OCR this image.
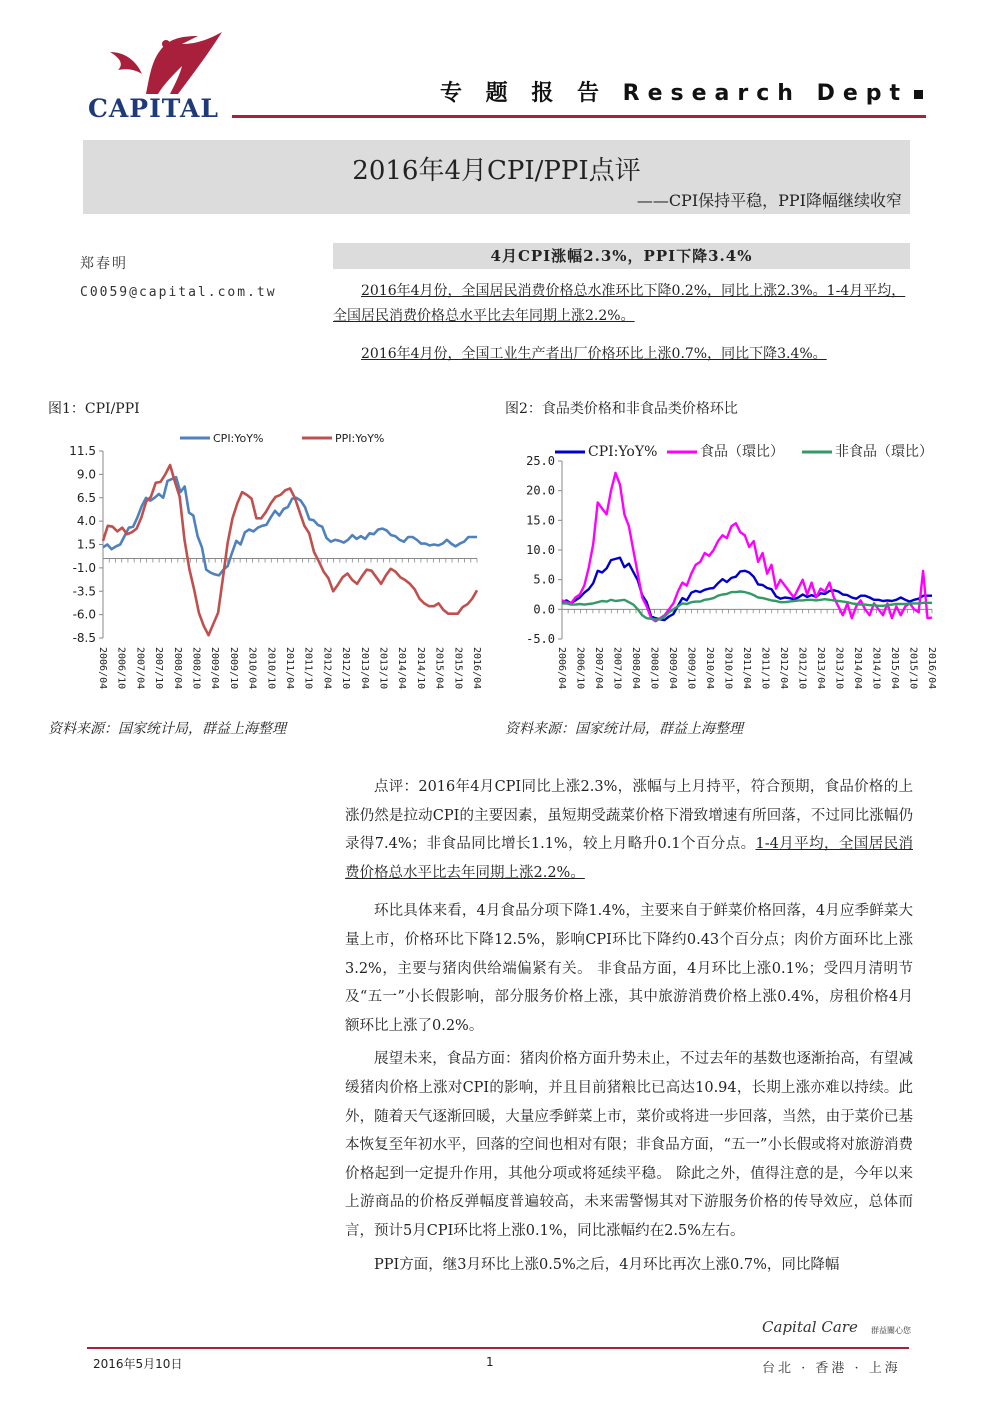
CAPITAL
专 题 报 告 Research Dept
2016年4月CPI/PPI点评
——CPI保持平稳，PPI降幅继续收窄
郑春明
C0059@capital.com.tw
4月CPI涨幅2.3%，PPI下降3.4%
2016年4月份，全国居民消费价格总水准环比下降0.2%，同比上涨2.3%。1-4月平均，全国居民消费价格总水平比去年同期上涨2.2%。
2016年4月份，全国工业生产者出厂价格环比上涨0.7%，同比下降3.4%。
图1：CPI/PPI	图2：食品类价格和非食品类价格环比
11.5
9.0
6.5
4.0
1.5
-1.0
-3.5
-6.0
-8.5
2006/04 2006/10 2007/04 2007/10 2008/04 2008/10 2009/04 2009/10 2010/04 2010/10 2011/04 2011/10 2012/04 2012/10 2013/04 2013/10 2014/04 2014/10 2015/04 2015/10 2016/04
CPI:YoY%	PPI:YoY%
25.0
20.0
15.0
10.0
5.0
0.0
-5.0
2006/04 2006/10 2007/04 2007/10 2008/04 2008/10 2009/04 2009/10 2010/04 2010/10 2011/04 2011/10 2012/04 2012/10 2013/04 2013/10 2014/04 2014/10 2015/04 2015/10 2016/04
CPI:YoY%	食品（環比）	非食品（環比）
资料来源：国家统计局，群益上海整理	资料来源：国家统计局，群益上海整理

点评：2016年4月CPI同比上涨2.3%，涨幅与上月持平，符合预期，食品价格的上涨仍然是拉动CPI的主要因素，虽短期受蔬菜价格下滑致增速有所回落，不过同比涨幅仍录得7.4%；非食品同比增长1.1%，较上月略升0.1个百分点。1-4月平均，全国居民消费价格总水平比去年同期上涨2.2%。

环比具体来看，4月食品分项下降1.4%，主要来自于鲜菜价格回落，4月应季鲜菜大量上市，价格环比下降12.5%，影响CPI环比下降约0.43个百分点；肉价方面环比上涨3.2%，主要与猪肉供给端偏紧有关。 非食品方面，4月环比上涨0.1%；受四月清明节及“五一”小长假影响，部分服务价格上涨，其中旅游消费价格上涨0.4%，房租价格4月额环比上涨了0.2%。

展望未来，食品方面：猪肉价格方面升势未止，不过去年的基数也逐渐抬高，有望减缓猪肉价格上涨对CPI的影响，并且目前猪粮比已高达10.94，长期上涨亦难以持续。此外，随着天气逐渐回暖，大量应季鲜菜上市，菜价或将进一步回落，当然，由于菜价已基本恢复至年初水平，回落的空间也相对有限；非食品方面，“五一”小长假或将对旅游消费价格起到一定提升作用，其他分项或将延续平稳。 除此之外，值得注意的是，今年以来上游商品的价格反弹幅度普遍较高，未来需警惕其对下游服务价格的传导效应，总体而言，预计5月CPI环比将上涨0.1%，同比涨幅约在2.5%左右。

PPI方面，继3月环比上涨0.5%之后，4月环比再次上涨0.7%，同比降幅

Capital Care 群益關心您
2016年5月10日	1	台北 · 香港 · 上海
